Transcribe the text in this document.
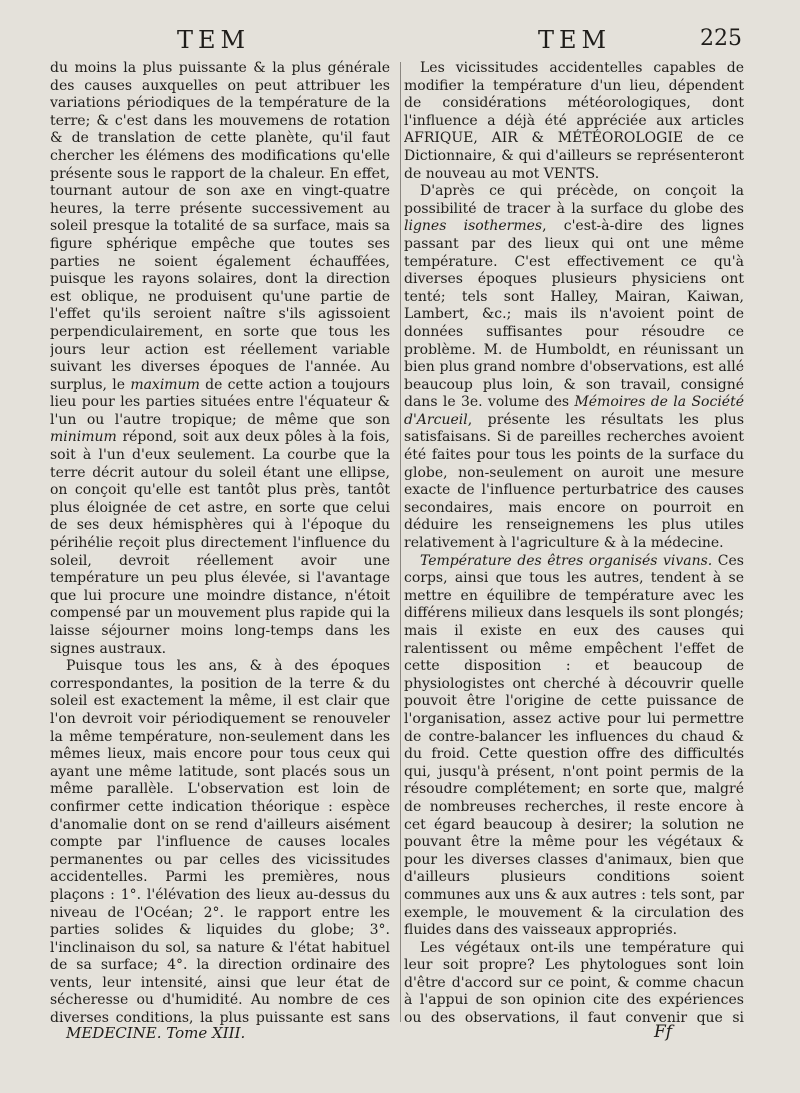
TEM	TEM	225

du moins la plus puissante & la plus générale des causes auxquelles on peut attribuer les variations périodiques de la température de la terre; & c'est dans les mouvemens de rotation & de translation de cette planète, qu'il faut chercher les élémens des modifications qu'elle présente sous le rapport de la chaleur. En effet, tournant autour de son axe en vingt-quatre heures, la terre présente successivement au soleil presque la totalité de sa surface, mais sa figure sphérique empêche que toutes ses parties ne soient également échauffées, puisque les rayons solaires, dont la direction est oblique, ne produisent qu'une partie de l'effet qu'ils seroient naître s'ils agissoient perpendiculairement, en sorte que tous les jours leur action est réellement variable suivant les diverses époques de l'année. Au surplus, le maximum de cette action a toujours lieu pour les parties situées entre l'équateur & l'un ou l'autre tropique; de même que son minimum répond, soit aux deux pôles à la fois, soit à l'un d'eux seulement. La courbe que la terre décrit autour du soleil étant une ellipse, on conçoit qu'elle est tantôt plus près, tantôt plus éloignée de cet astre, en sorte que celui de ses deux hémisphères qui à l'époque du périhélie reçoit plus directement l'influence du soleil, devroit réellement avoir une température un peu plus élevée, si l'avantage que lui procure une moindre distance, n'étoit compensé par un mouvement plus rapide qui la laisse séjourner moins long-temps dans les signes austraux.

Puisque tous les ans, & à des époques correspondantes, la position de la terre & du soleil est exactement la même, il est clair que l'on devroit voir périodiquement se renouveler la même température, non-seulement dans les mêmes lieux, mais encore pour tous ceux qui ayant une même latitude, sont placés sous un même parallèle. L'observation est loin de confirmer cette indication théorique : espèce d'anomalie dont on se rend d'ailleurs aisément compte par l'influence de causes locales permanentes ou par celles des vicissitudes accidentelles. Parmi les premières, nous plaçons : 1°. l'élévation des lieux au-dessus du niveau de l'Océan; 2°. le rapport entre les parties solides & liquides du globe; 3°. l'inclinaison du sol, sa nature & l'état habituel de sa surface; 4°. la direction ordinaire des vents, leur intensité, ainsi que leur état de sécheresse ou d'humidité. Au nombre de ces diverses conditions, la plus puissante est sans

Les vicissitudes accidentelles capables de modifier la température d'un lieu, dépendent de considérations météorologiques, dont l'influence a déjà été appréciée aux articles AFRIQUE, AIR & MÉTÉOROLOGIE de ce Dictionnaire, & qui d'ailleurs se représenteront de nouveau au mot VENTS.

D'après ce qui précède, on conçoit la possibilité de tracer à la surface du globe des lignes isothermes, c'est-à-dire des lignes passant par des lieux qui ont une même température. C'est effectivement ce qu'à diverses époques plusieurs physiciens ont tenté; tels sont Halley, Mairan, Kaiwan, Lambert, &c.; mais ils n'avoient point de données suffisantes pour résoudre ce problème. M. de Humboldt, en réunissant un bien plus grand nombre d'observations, est allé beaucoup plus loin, & son travail, consigné dans le 3e. volume des Mémoires de la Société d'Arcueil, présente les résultats les plus satisfaisans. Si de pareilles recherches avoient été faites pour tous les points de la surface du globe, non-seulement on auroit une mesure exacte de l'influence perturbatrice des causes secondaires, mais encore on pourroit en déduire les renseignemens les plus utiles relativement à l'agriculture & à la médecine.

Température des êtres organisés vivans. Ces corps, ainsi que tous les autres, tendent à se mettre en équilibre de température avec les différens milieux dans lesquels ils sont plongés; mais il existe en eux des causes qui ralentissent ou même empêchent l'effet de cette disposition : et beaucoup de physiologistes ont cherché à découvrir quelle pouvoit être l'origine de cette puissance de l'organisation, assez active pour lui permettre de contre-balancer les influences du chaud & du froid. Cette question offre des difficultés qui, jusqu'à présent, n'ont point permis de la résoudre complétement; en sorte que, malgré de nombreuses recherches, il reste encore à cet égard beaucoup à desirer; la solution ne pouvant être la même pour les végétaux & pour les diverses classes d'animaux, bien que d'ailleurs plusieurs conditions soient communes aux uns & aux autres : tels sont, par exemple, le mouvement & la circulation des fluides dans des vaisseaux appropriés.

Les végétaux ont-ils une température qui leur soit propre? Les phytologues sont loin d'être d'accord sur ce point, & comme chacun à l'appui de son opinion cite des expériences ou des observations, il faut convenir que si

MEDECINE. Tome XIII.	Ff
